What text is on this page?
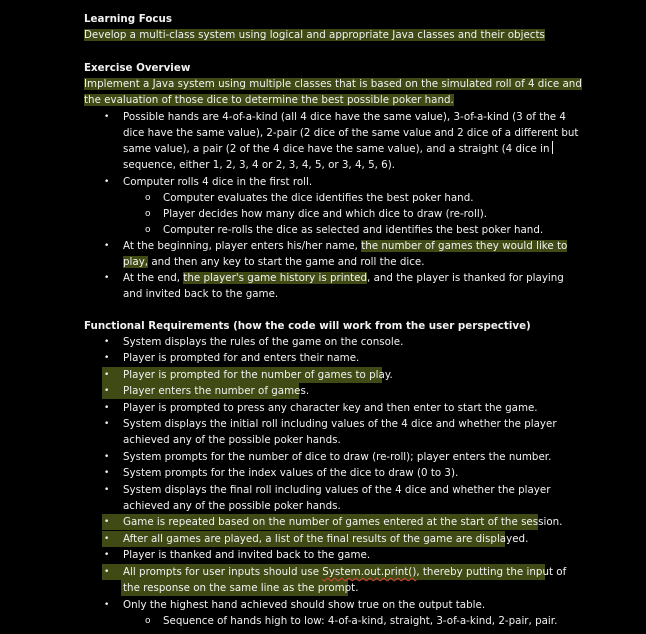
Learning Focus
Develop a multi-class system using logical and appropriate Java classes and their objects
Exercise Overview
Implement a Java system using multiple classes that is based on the simulated roll of 4 dice and
the evaluation of those dice to determine the best possible poker hand.
•	Possible hands are 4-of-a-kind (all 4 dice have the same value), 3-of-a-kind (3 of the 4
dice have the same value), 2-pair (2 dice of the same value and 2 dice of a different but
same value), a pair (2 of the 4 dice have the same value), and a straight (4 dice in
sequence, either 1, 2, 3, 4 or 2, 3, 4, 5, or 3, 4, 5, 6).
•	Computer rolls 4 dice in the first roll.
o Computer evaluates the dice identifies the best poker hand.
o Player decides how many dice and which dice to draw (re-roll).
o Computer re-rolls the dice as selected and identifies the best poker hand.
•	At the beginning, player enters his/her name, the number of games they would like to
play, and then any key to start the game and roll the dice.
•	At the end, the player's game history is printed, and the player is thanked for playing
and invited back to the game.
Functional Requirements (how the code will work from the user perspective)
•	System displays the rules of the game on the console.
•	Player is prompted for and enters their name.
•	Player is prompted for the number of games to play.
•	Player enters the number of games.
•	Player is prompted to press any character key and then enter to start the game.
•	System displays the initial roll including values of the 4 dice and whether the player
achieved any of the possible poker hands.
•	System prompts for the number of dice to draw (re-roll); player enters the number.
•	System prompts for the index values of the dice to draw (0 to 3).
•	System displays the final roll including values of the 4 dice and whether the player
achieved any of the possible poker hands.
•	Game is repeated based on the number of games entered at the start of the session.
•	After all games are played, a list of the final results of the game are displayed.
•	Player is thanked and invited back to the game.
•	All prompts for user inputs should use System.out.print(), thereby putting the input of
the response on the same line as the prompt.
•	Only the highest hand achieved should show true on the output table.
o Sequence of hands high to low: 4-of-a-kind, straight, 3-of-a-kind, 2-pair, pair.
